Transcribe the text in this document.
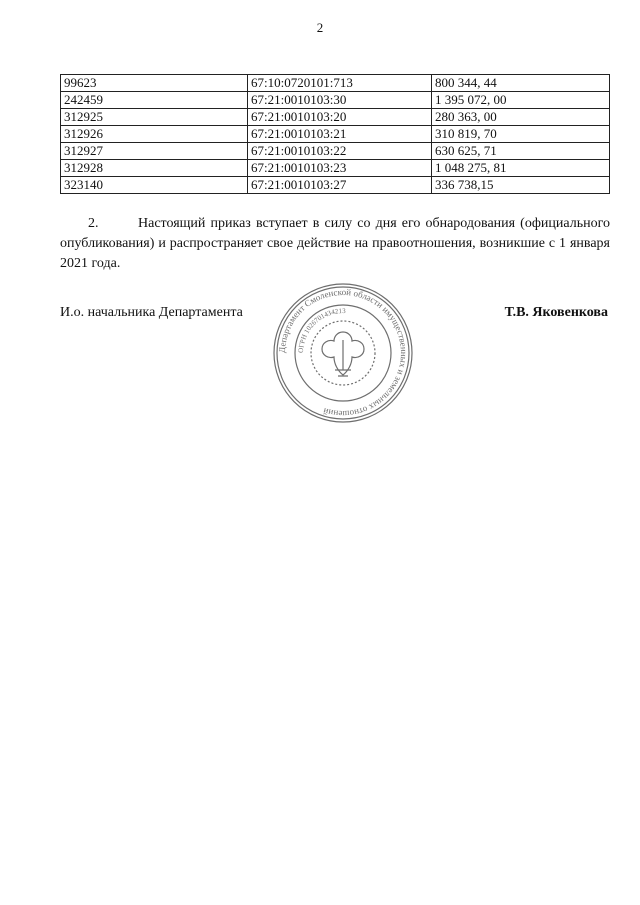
2
99623	67:10:0720101:713	800 344, 44
242459	67:21:0010103:30	1 395 072, 00
312925	67:21:0010103:20	280 363, 00
312926	67:21:0010103:21	310 819, 70
312927	67:21:0010103:22	630 625, 71
312928	67:21:0010103:23	1 048 275, 81
323140	67:21:0010103:27	336 738,15
2.	Настоящий приказ вступает в силу со дня его обнародования (официального опубликования) и распространяет свое действие на правоотношения, возникшие с 1 января 2021 года.
И.о. начальника Департамента	Т.В. Яковенкова
Департамент Смоленской области имущественных и земельных отношений
ОГРН 1026701434213
